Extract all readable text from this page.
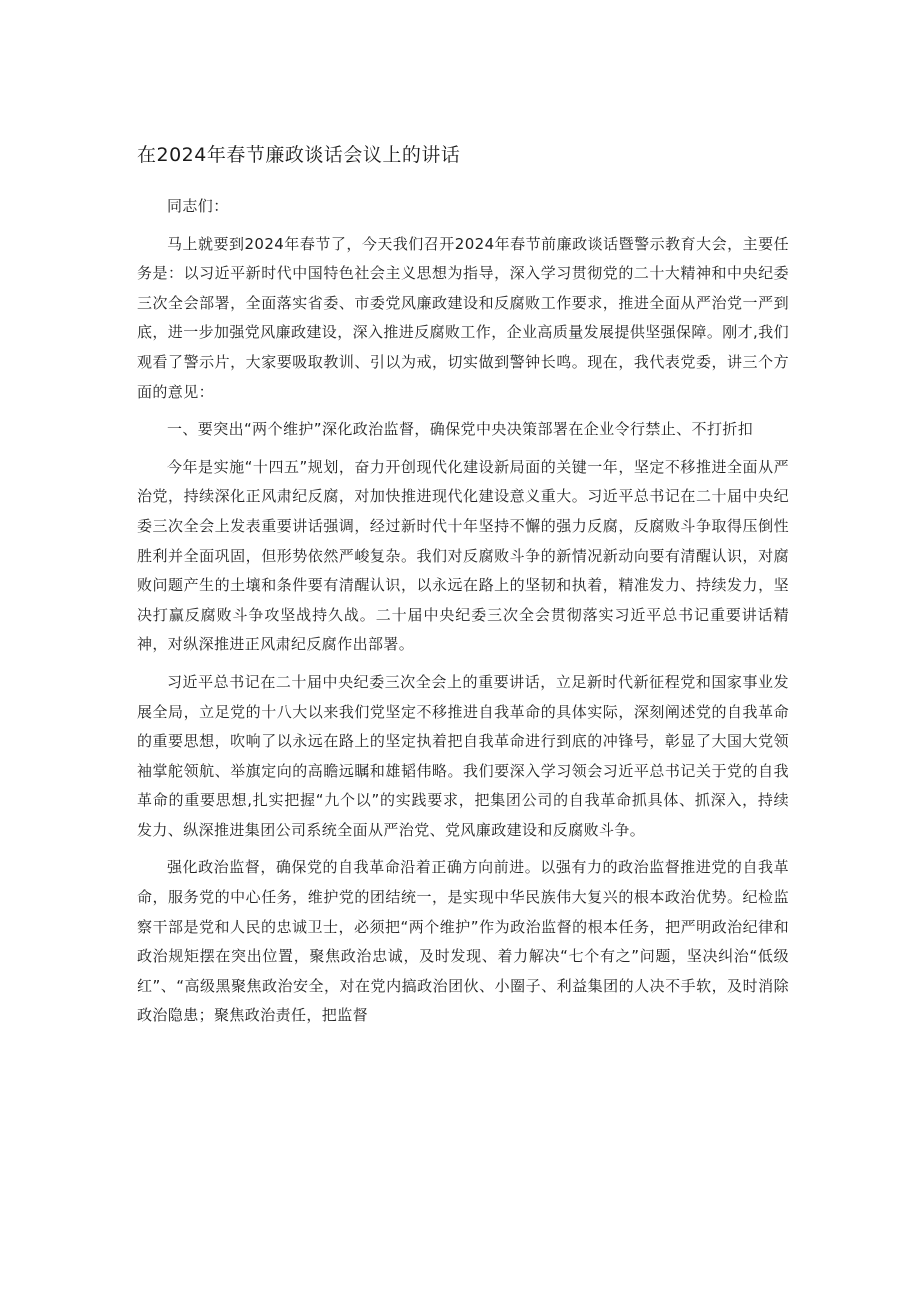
在2024年春节廉政谈话会议上的讲话

同志们：

马上就要到2024年春节了，今天我们召开2024年春节前廉政谈话暨警示教育大会，主要任务是：以习近平新时代中国特色社会主义思想为指导，深入学习贯彻党的二十大精神和中央纪委三次全会部署，全面落实省委、市委党风廉政建设和反腐败工作要求，推进全面从严治党一严到底，进一步加强党风廉政建设，深入推进反腐败工作，企业高质量发展提供坚强保障。刚才,我们观看了警示片，大家要吸取教训、引以为戒，切实做到警钟长鸣。现在，我代表党委，讲三个方面的意见：

一、要突出“两个维护”深化政治监督，确保党中央决策部署在企业令行禁止、不打折扣

今年是实施“十四五”规划，奋力开创现代化建设新局面的关键一年，坚定不移推进全面从严治党，持续深化正风肃纪反腐，对加快推进现代化建设意义重大。习近平总书记在二十届中央纪委三次全会上发表重要讲话强调，经过新时代十年坚持不懈的强力反腐，反腐败斗争取得压倒性胜利并全面巩固，但形势依然严峻复杂。我们对反腐败斗争的新情况新动向要有清醒认识，对腐败问题产生的土壤和条件要有清醒认识，以永远在路上的坚韧和执着，精准发力、持续发力，坚决打赢反腐败斗争攻坚战持久战。二十届中央纪委三次全会贯彻落实习近平总书记重要讲话精神，对纵深推进正风肃纪反腐作出部署。

习近平总书记在二十届中央纪委三次全会上的重要讲话，立足新时代新征程党和国家事业发展全局，立足党的十八大以来我们党坚定不移推进自我革命的具体实际，深刻阐述党的自我革命的重要思想，吹响了以永远在路上的坚定执着把自我革命进行到底的冲锋号，彰显了大国大党领袖掌舵领航、举旗定向的高瞻远瞩和雄韬伟略。我们要深入学习领会习近平总书记关于党的自我革命的重要思想,扎实把握“九个以”的实践要求，把集团公司的自我革命抓具体、抓深入，持续发力、纵深推进集团公司系统全面从严治党、党风廉政建设和反腐败斗争。

强化政治监督，确保党的自我革命沿着正确方向前进。以强有力的政治监督推进党的自我革命，服务党的中心任务，维护党的团结统一，是实现中华民族伟大复兴的根本政治优势。纪检监察干部是党和人民的忠诚卫士，必须把“两个维护”作为政治监督的根本任务，把严明政治纪律和政治规矩摆在突出位置，聚焦政治忠诚，及时发现、着力解决“七个有之”问题，坚决纠治“低级红”、“高级黑聚焦政治安全，对在党内搞政治团伙、小圈子、利益集团的人决不手软，及时消除政治隐患；聚焦政治责任，把监督
